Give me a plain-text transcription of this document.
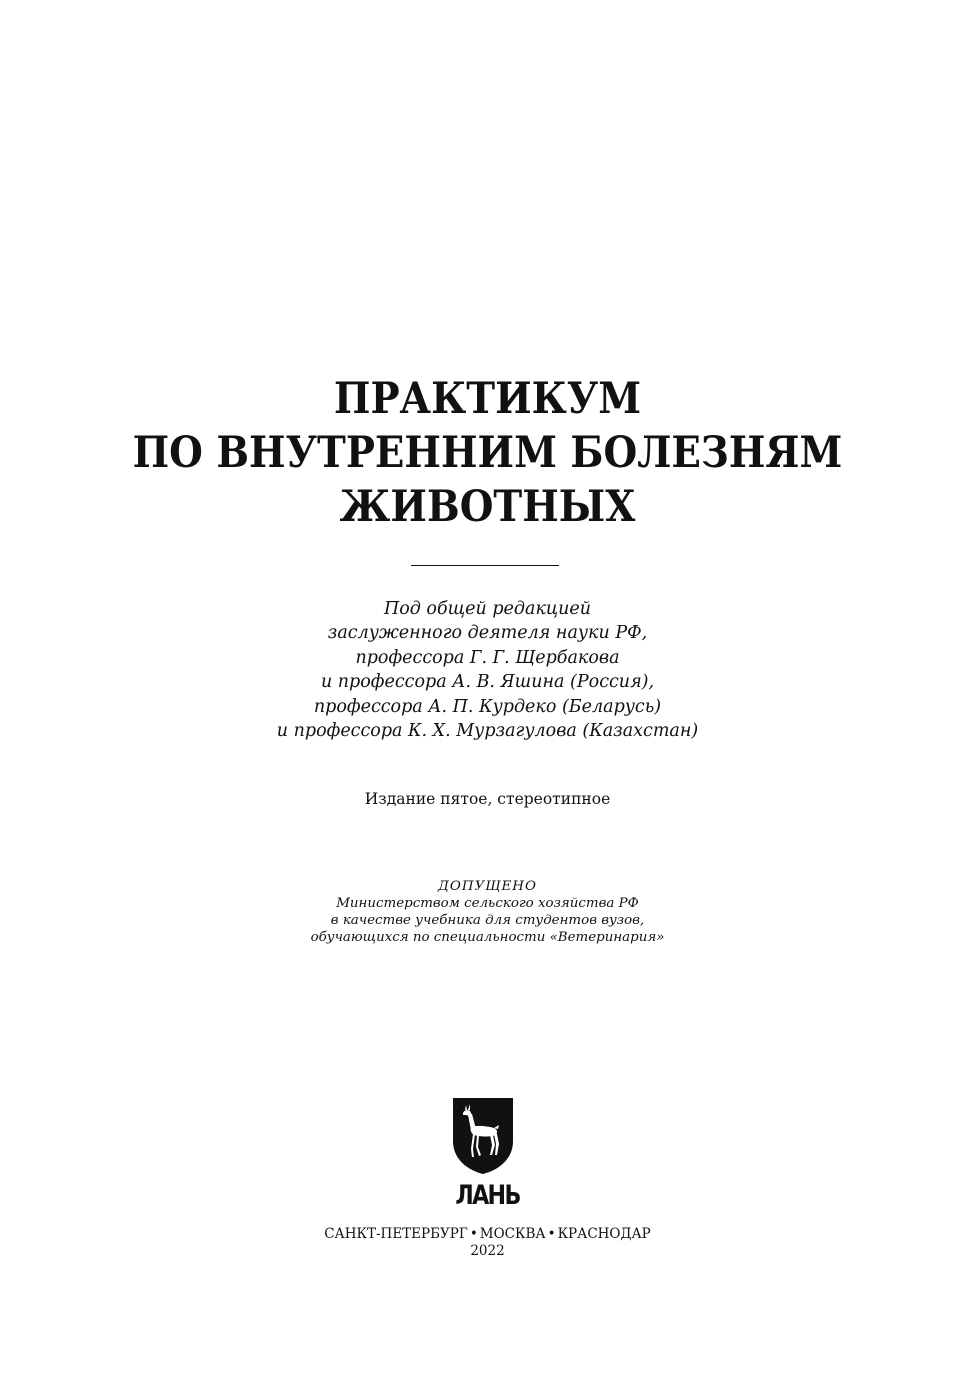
ПРАКТИКУМ
ПО ВНУТРЕННИМ БОЛЕЗНЯМ
ЖИВОТНЫХ
Под общей редакцией
заслуженного деятеля науки РФ,
профессора Г. Г. Щербакова
и профессора А. В. Яшина (Россия),
профессора А. П. Курдеко (Беларусь)
и профессора К. Х. Мурзагулова (Казахстан)
Издание пятое, стереотипное
ДОПУЩЕНО
Министерством сельского хозяйства РФ
в качестве учебника для студентов вузов,
обучающихся по специальности «Ветеринария»
ЛАНЬ
САНКТ-ПЕТЕРБУРГ • МОСКВА • КРАСНОДАР
2022
